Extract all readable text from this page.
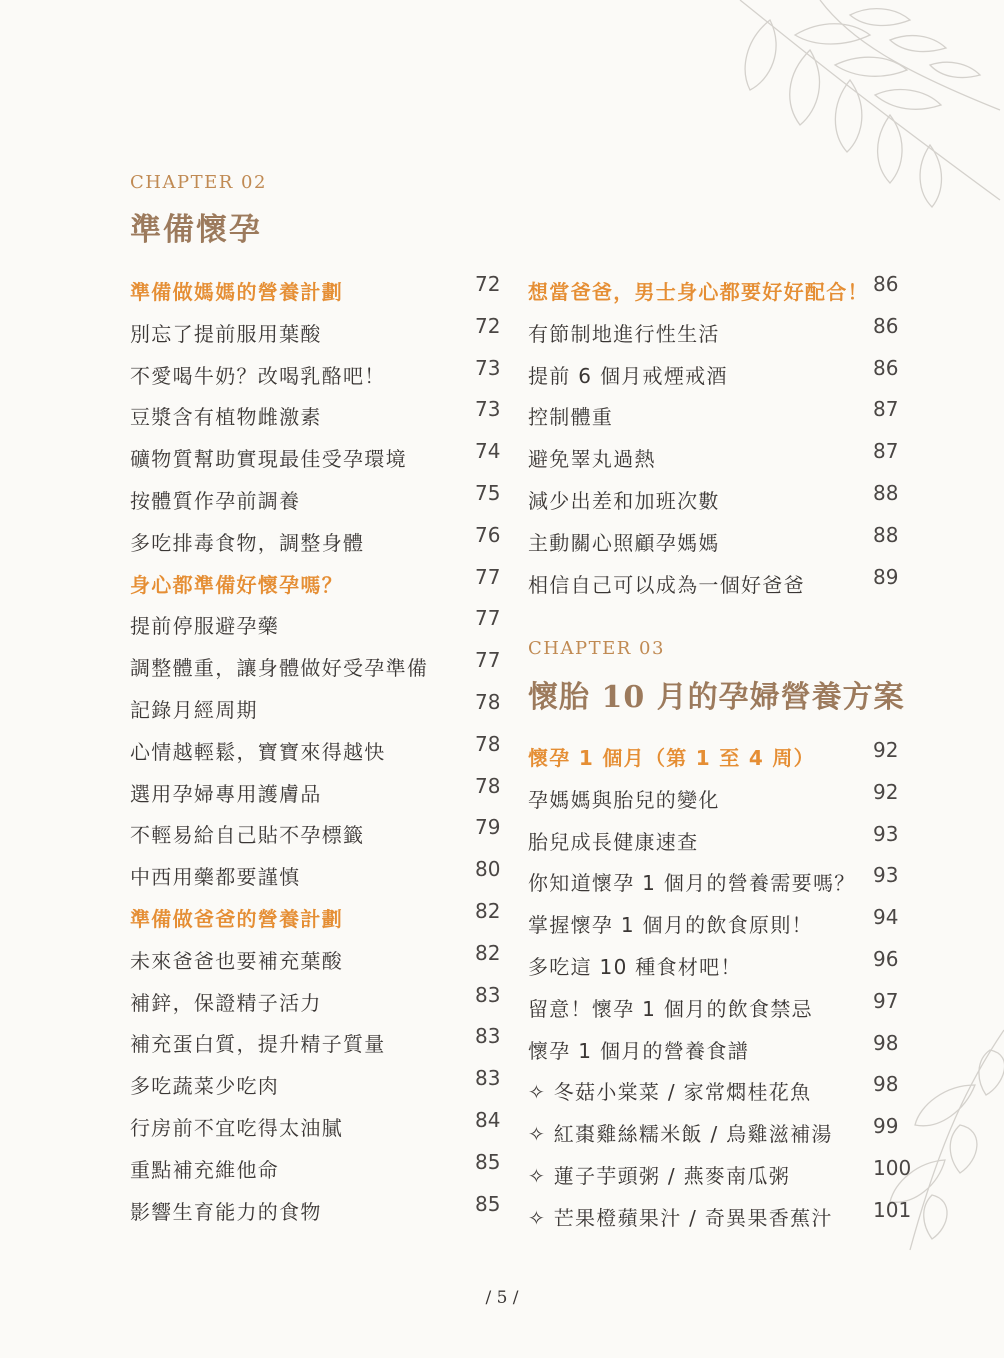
CHAPTER 02
準備懷孕
準備做媽媽的營養計劃	72
別忘了提前服用葉酸	72
不愛喝牛奶？改喝乳酪吧！	73
豆漿含有植物雌激素	73
礦物質幫助實現最佳受孕環境	74
按體質作孕前調養	75
多吃排毒食物，調整身體	76
身心都準備好懷孕嗎？	77
提前停服避孕藥	77
調整體重，讓身體做好受孕準備 77
記錄月經周期	78
心情越輕鬆，寶寶來得越快	78
選用孕婦專用護膚品	78
不輕易給自己貼不孕標籤	79
中西用藥都要謹慎	80
準備做爸爸的營養計劃	82
未來爸爸也要補充葉酸	82
補鋅，保證精子活力	83
補充蛋白質，提升精子質量	83
多吃蔬菜少吃肉	83
行房前不宜吃得太油膩	84
重點補充維他命	85
影響生育能力的食物	85
想當爸爸，男士身心都要好好配合！ 86
有節制地進行性生活	86
提前 6 個月戒煙戒酒	86
控制體重	87
避免睪丸過熱	87
減少出差和加班次數	88
主動關心照顧孕媽媽	88
相信自己可以成為一個好爸爸	89
CHAPTER 03
懷胎 10 月的孕婦營養方案
懷孕 1 個月（第 1 至 4 周）	92
孕媽媽與胎兒的變化	92
胎兒成長健康速查	93
你知道懷孕 1 個月的營養需要嗎？ 93
掌握懷孕 1 個月的飲食原則！	94
多吃這 10 種食材吧！	96
留意！懷孕 1 個月的飲食禁忌	97
懷孕 1 個月的營養食譜	98
✧ 冬菇小棠菜 / 家常燜桂花魚	98
✧ 紅棗雞絲糯米飯 / 烏雞滋補湯 99
✧ 蓮子芋頭粥 / 燕麥南瓜粥	100
✧ 芒果橙蘋果汁 / 奇異果香蕉汁 101
/ 5 /
